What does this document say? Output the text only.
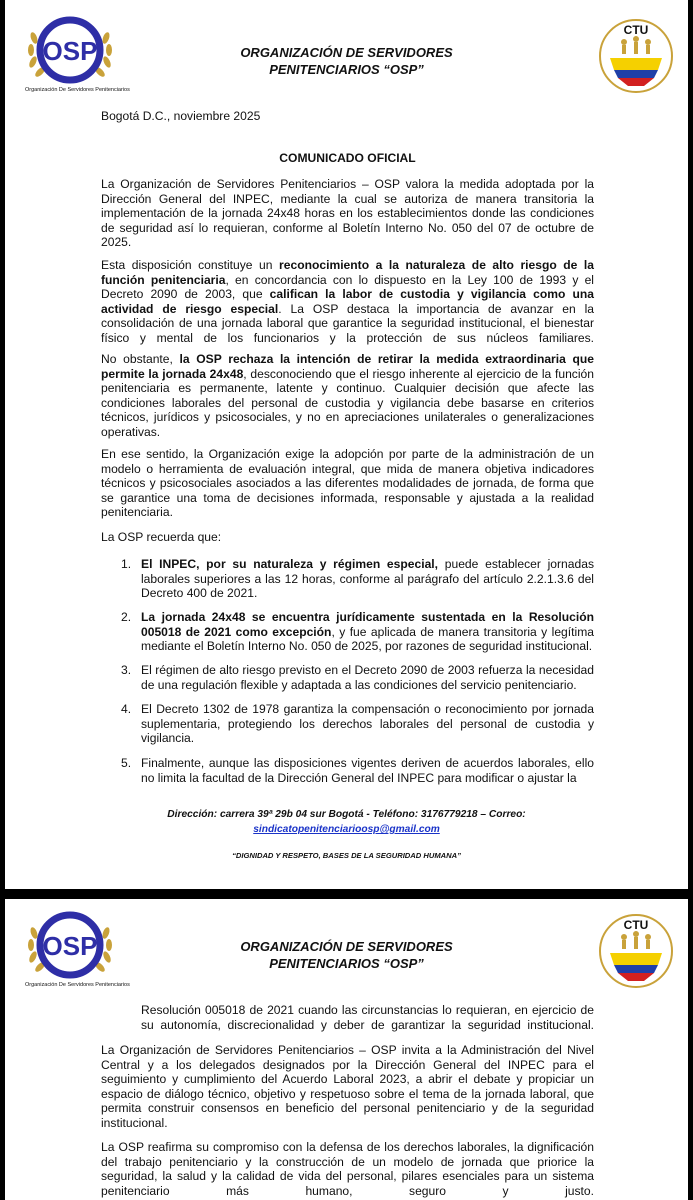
OSP
Organización De Servidores Penitenciarios
ORGANIZACIÓN DE SERVIDORES
PENITENCIARIOS “OSP”
CTU
Bogotá D.C., noviembre 2025
COMUNICADO OFICIAL
La Organización de Servidores Penitenciarios – OSP valora la medida adoptada por la Dirección General del INPEC, mediante la cual se autoriza de manera transitoria la implementación de la jornada 24x48 horas en los establecimientos donde las condiciones de seguridad así lo requieran, conforme al Boletín Interno No. 050 del 07 de octubre de 2025.
Esta disposición constituye un reconocimiento a la naturaleza de alto riesgo de la función penitenciaria, en concordancia con lo dispuesto en la Ley 100 de 1993 y el Decreto 2090 de 2003, que califican la labor de custodia y vigilancia como una actividad de riesgo especial. La OSP destaca la importancia de avanzar en la consolidación de una jornada laboral que garantice la seguridad institucional, el bienestar físico y mental de los funcionarios y la protección de sus núcleos familiares.
No obstante, la OSP rechaza la intención de retirar la medida extraordinaria que permite la jornada 24x48, desconociendo que el riesgo inherente al ejercicio de la función penitenciaria es permanente, latente y continuo. Cualquier decisión que afecte las condiciones laborales del personal de custodia y vigilancia debe basarse en criterios técnicos, jurídicos y psicosociales, y no en apreciaciones unilaterales o generalizaciones operativas.
En ese sentido, la Organización exige la adopción por parte de la administración de un modelo o herramienta de evaluación integral, que mida de manera objetiva indicadores técnicos y psicosociales asociados a las diferentes modalidades de jornada, de forma que se garantice una toma de decisiones informada, responsable y ajustada a la realidad penitenciaria.
La OSP recuerda que:
1. El INPEC, por su naturaleza y régimen especial, puede establecer jornadas laborales superiores a las 12 horas, conforme al parágrafo del artículo 2.2.1.3.6 del Decreto 400 de 2021.
2. La jornada 24x48 se encuentra jurídicamente sustentada en la Resolución 005018 de 2021 como excepción, y fue aplicada de manera transitoria y legítima mediante el Boletín Interno No. 050 de 2025, por razones de seguridad institucional.
3. El régimen de alto riesgo previsto en el Decreto 2090 de 2003 refuerza la necesidad de una regulación flexible y adaptada a las condiciones del servicio penitenciario.
4. El Decreto 1302 de 1978 garantiza la compensación o reconocimiento por jornada suplementaria, protegiendo los derechos laborales del personal de custodia y vigilancia.
5. Finalmente, aunque las disposiciones vigentes deriven de acuerdos laborales, ello no limita la facultad de la Dirección General del INPEC para modificar o ajustar la
Dirección: carrera 39ª 29b 04 sur Bogotá - Teléfono: 3176779218 – Correo:
sindicatopenitenciarioosp@gmail.com
“DIGNIDAD Y RESPETO, BASES DE LA SEGURIDAD HUMANA”
OSP
Organización De Servidores Penitenciarios
ORGANIZACIÓN DE SERVIDORES
PENITENCIARIOS “OSP”
CTU
Resolución 005018 de 2021 cuando las circunstancias lo requieran, en ejercicio de su autonomía, discrecionalidad y deber de garantizar la seguridad institucional.
La Organización de Servidores Penitenciarios – OSP invita a la Administración del Nivel Central y a los delegados designados por la Dirección General del INPEC para el seguimiento y cumplimiento del Acuerdo Laboral 2023, a abrir el debate y propiciar un espacio de diálogo técnico, objetivo y respetuoso sobre el tema de la jornada laboral, que permita construir consensos en beneficio del personal penitenciario y de la seguridad institucional.
La OSP reafirma su compromiso con la defensa de los derechos laborales, la dignificación del trabajo penitenciario y la construcción de un modelo de jornada que priorice la seguridad, la salud y la calidad de vida del personal, pilares esenciales para un sistema penitenciario más humano, seguro y justo.
